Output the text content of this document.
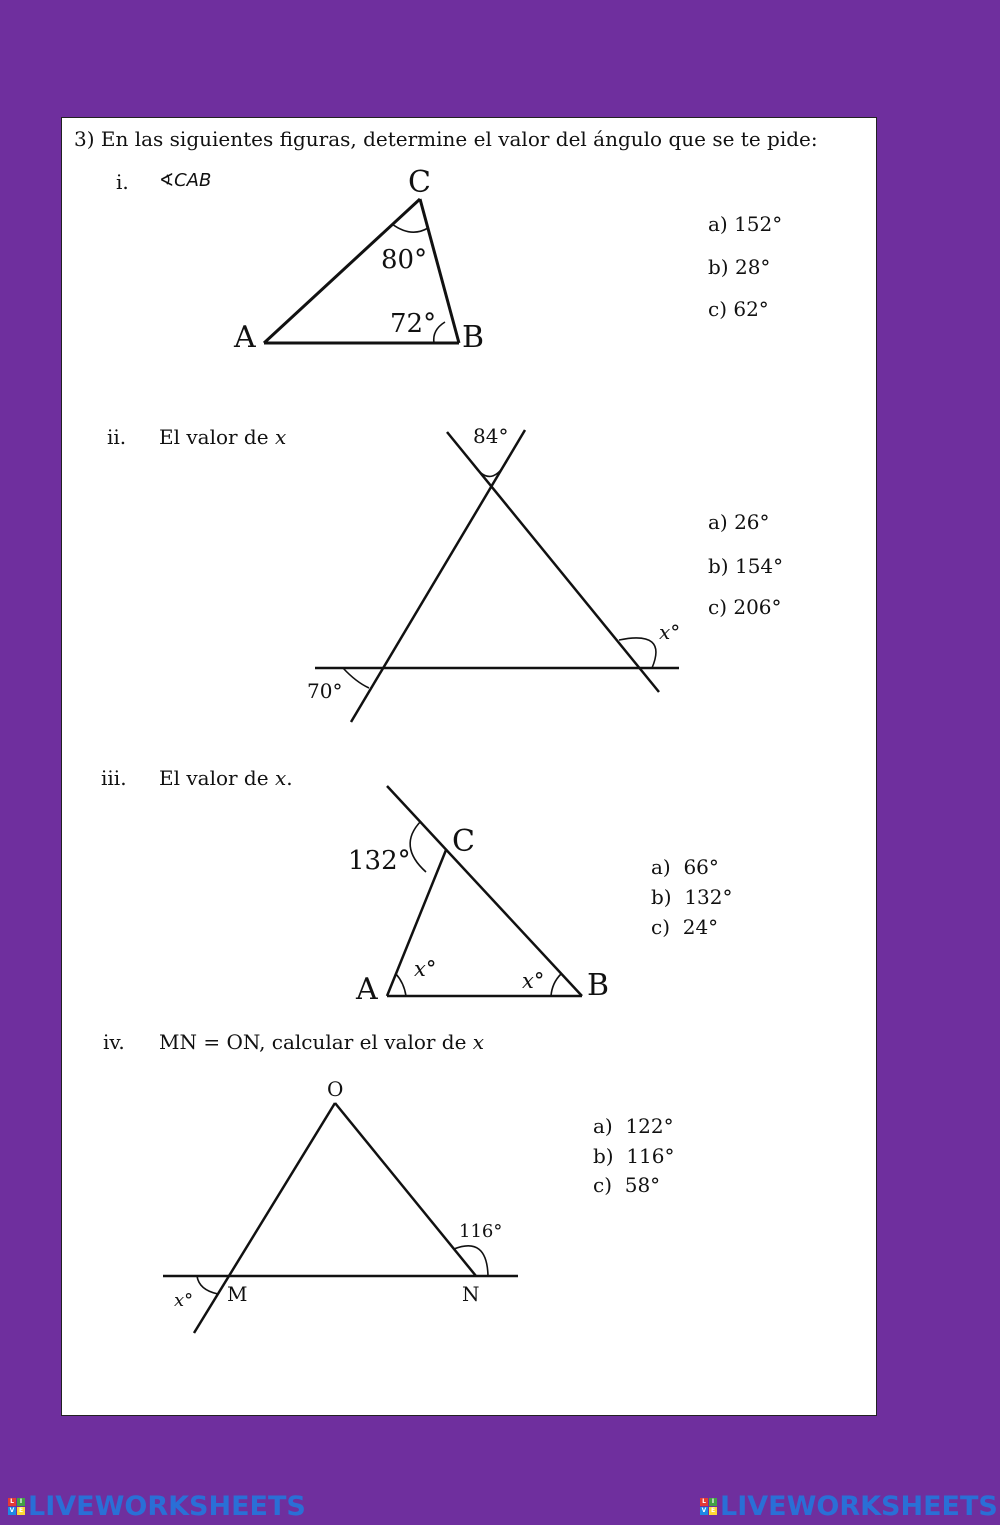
3) En las siguientes figuras, determine el valor del ángulo que se te pide:
i. ∢CAB
A	B
C
80°
72°
a) 152°
b) 28°
c) 62°
ii. El valor de x	84°
70°
x°
a) 26°
b) 154°
c) 206°
iii. El valor de x.
132°
C
A	B
x°	x°
a)  66°
b)  132°
c)  24°
iv. MN = ON, calcular el valor de x
O
M	N
116°
x°
a)  122°
b)  116°
c)  58°
L I
V E LIVEWORKSHEETS	L I
V E LIVEWORKSHEETS
